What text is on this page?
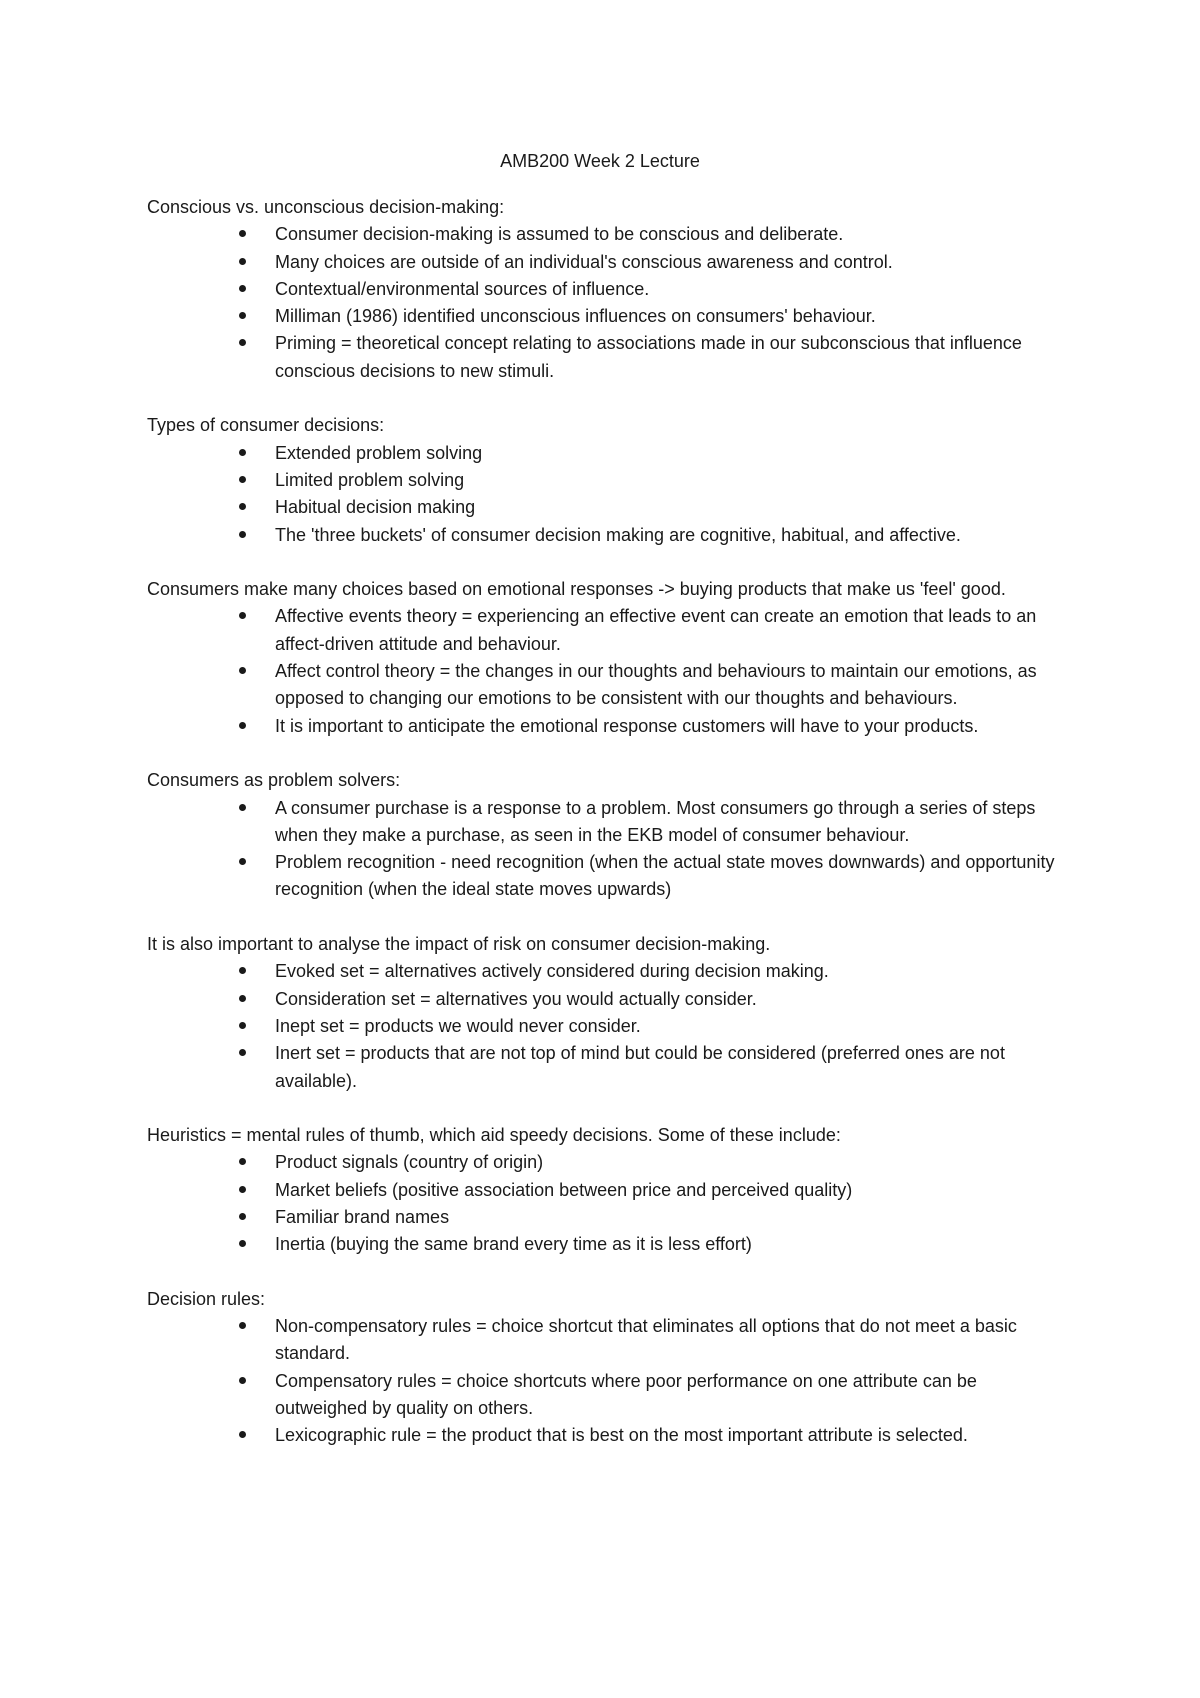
AMB200 Week 2 Lecture

Conscious vs. unconscious decision-making:

Consumer decision-making is assumed to be conscious and deliberate.
Many choices are outside of an individual's conscious awareness and control.
Contextual/environmental sources of influence.
Milliman (1986) identified unconscious influences on consumers' behaviour.
Priming = theoretical concept relating to associations made in our subconscious that influence conscious decisions to new stimuli.

Types of consumer decisions:

Extended problem solving
Limited problem solving
Habitual decision making
The 'three buckets' of consumer decision making are cognitive, habitual, and affective.

Consumers make many choices based on emotional responses -> buying products that make us 'feel' good.

Affective events theory = experiencing an effective event can create an emotion that leads to an affect-driven attitude and behaviour.
Affect control theory = the changes in our thoughts and behaviours to maintain our emotions, as opposed to changing our emotions to be consistent with our thoughts and behaviours.
It is important to anticipate the emotional response customers will have to your products.

Consumers as problem solvers:

A consumer purchase is a response to a problem. Most consumers go through a series of steps when they make a purchase, as seen in the EKB model of consumer behaviour.
Problem recognition - need recognition (when the actual state moves downwards) and opportunity recognition (when the ideal state moves upwards)

It is also important to analyse the impact of risk on consumer decision-making.

Evoked set = alternatives actively considered during decision making.
Consideration set = alternatives you would actually consider.
Inept set = products we would never consider.
Inert set = products that are not top of mind but could be considered (preferred ones are not available).

Heuristics = mental rules of thumb, which aid speedy decisions. Some of these include:

Product signals (country of origin)
Market beliefs (positive association between price and perceived quality)
Familiar brand names
Inertia (buying the same brand every time as it is less effort)

Decision rules:

Non-compensatory rules = choice shortcut that eliminates all options that do not meet a basic standard.
Compensatory rules = choice shortcuts where poor performance on one attribute can be outweighed by quality on others.
Lexicographic rule = the product that is best on the most important attribute is selected.
